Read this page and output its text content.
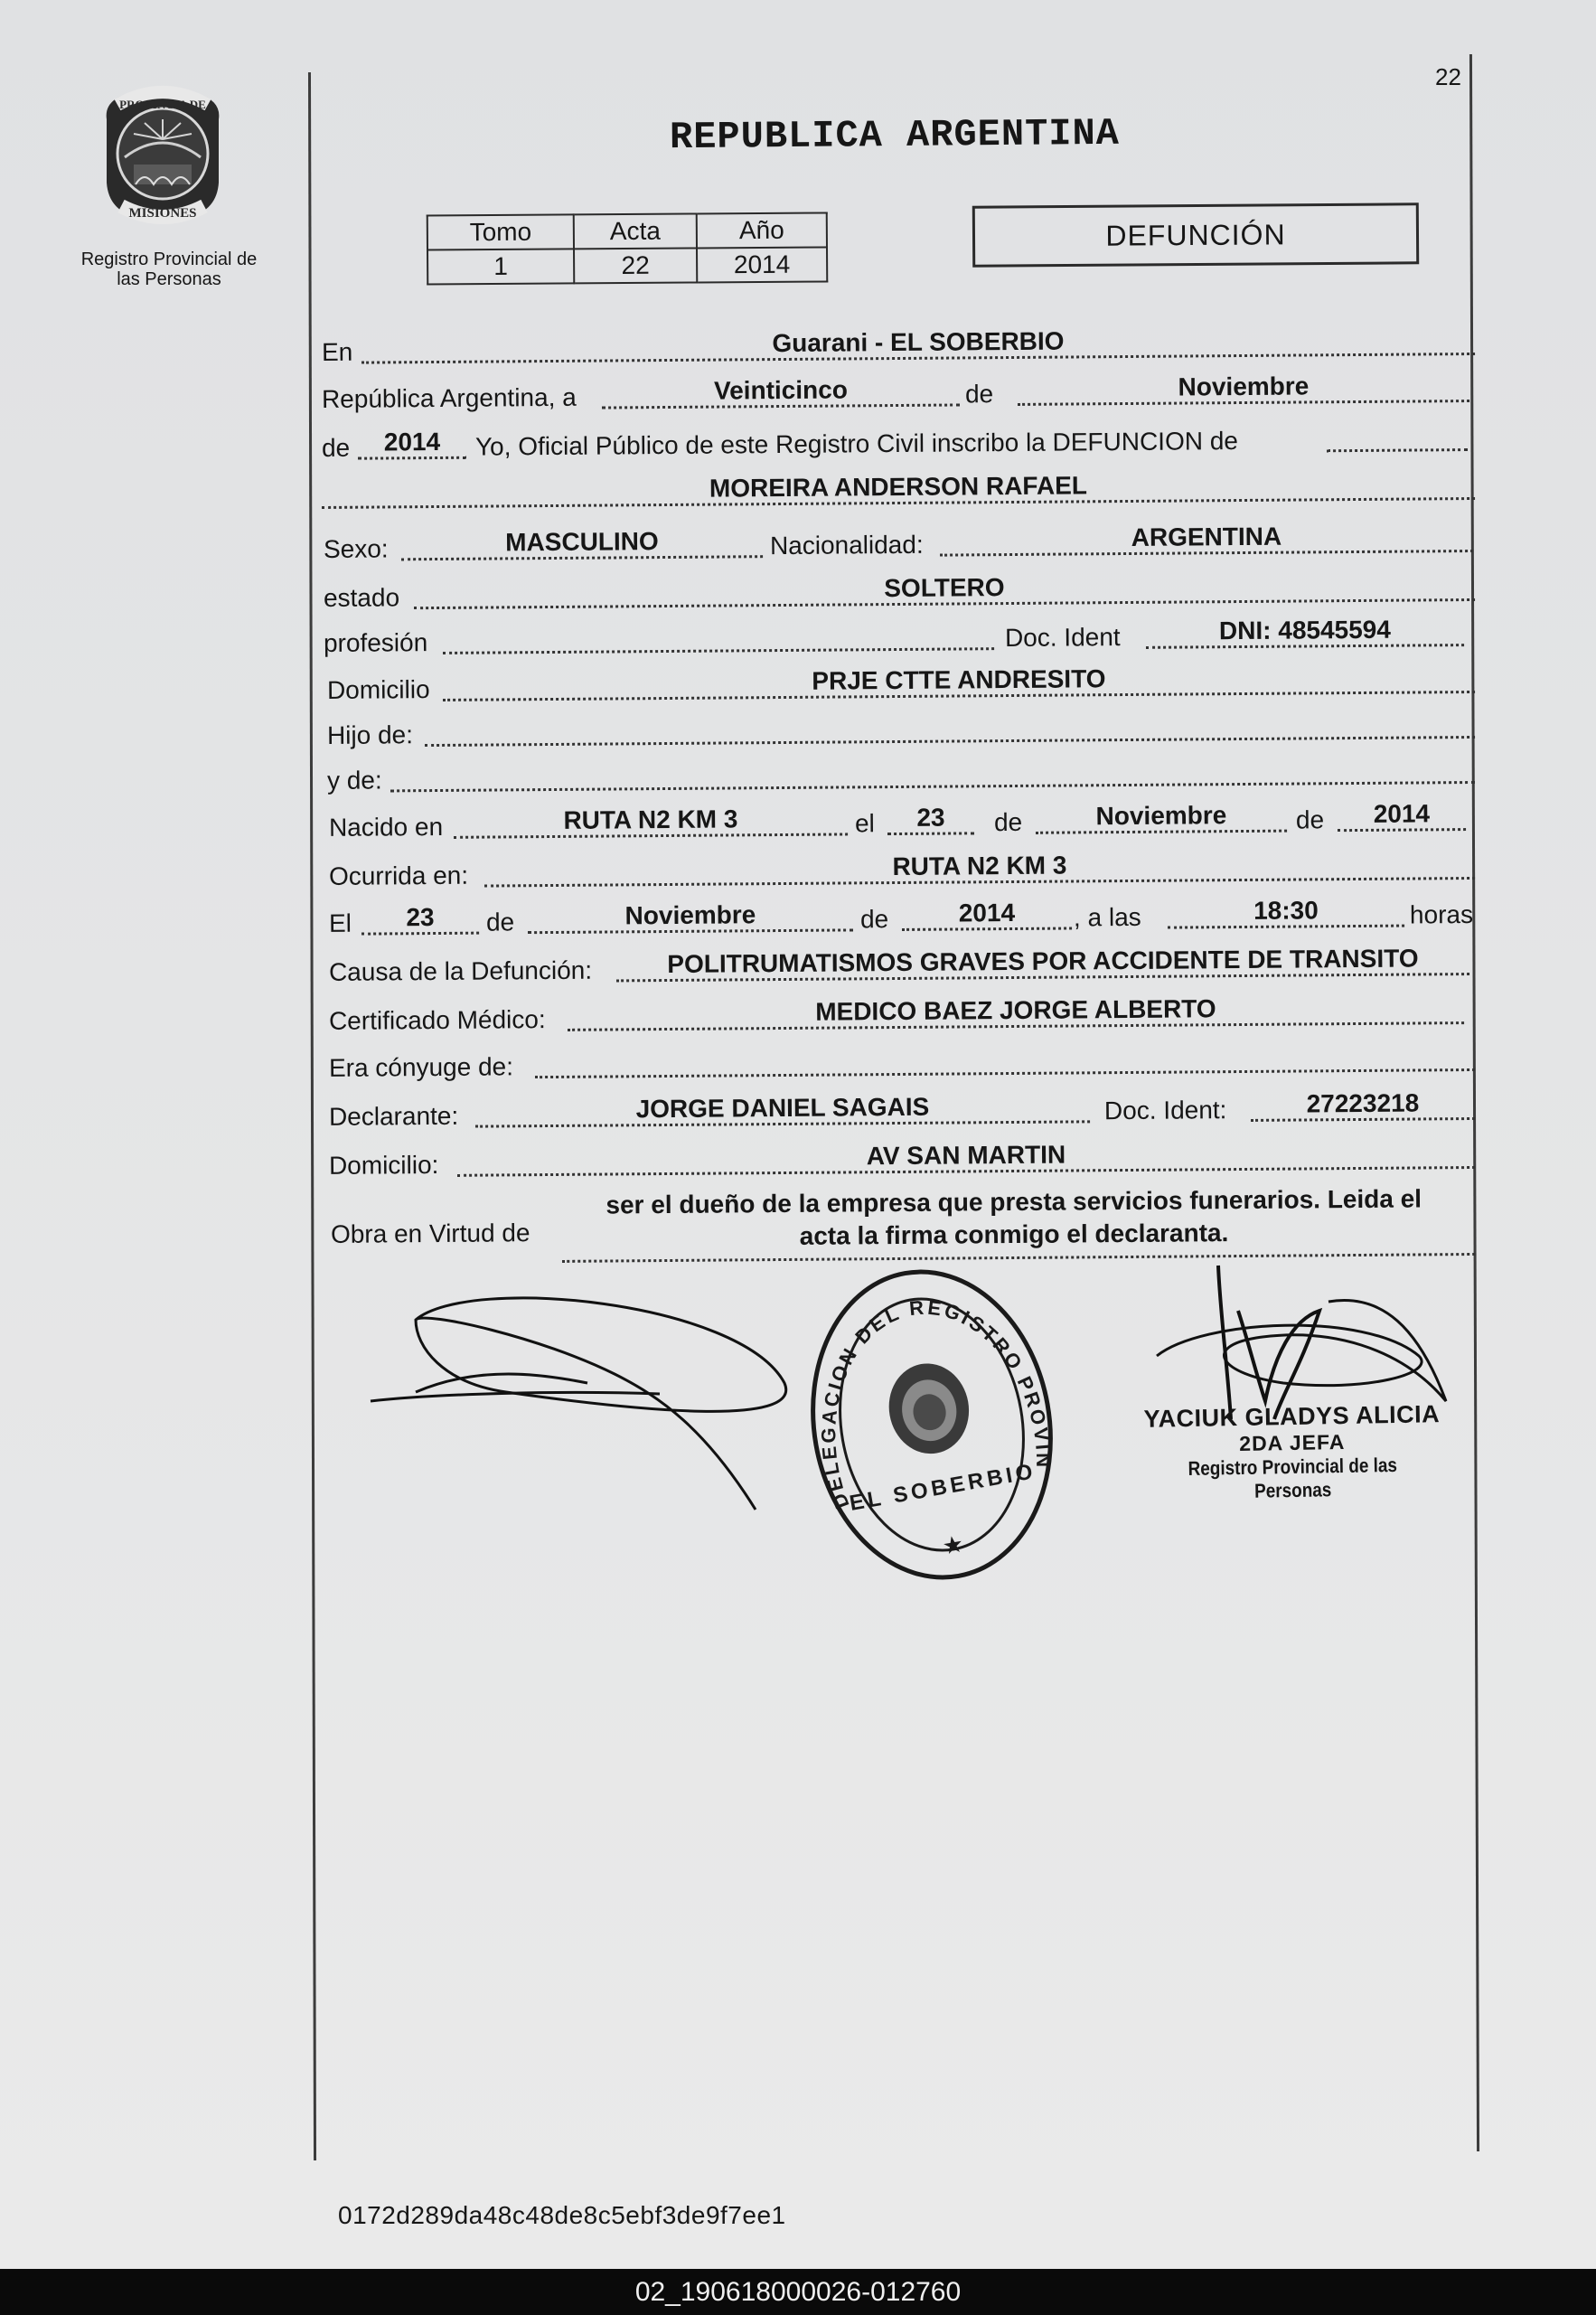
PROVINCIA DE
MISIONES
Registro Provincial de
las Personas
22
REPUBLICA ARGENTINA
Tomo	Acta	Año
1	22	2014
DEFUNCIÓN
En	Guarani - EL SOBERBIO
República Argentina, a	Veinticinco	de	Noviembre
de	2014	Yo, Oficial Público de este Registro Civil inscribo la DEFUNCION de
MOREIRA ANDERSON RAFAEL
Sexo:	MASCULINO	Nacionalidad:	ARGENTINA
estado	SOLTERO
profesión	Doc. Ident	DNI: 48545594
Domicilio	PRJE CTTE ANDRESITO
Hijo de:
y de:
Nacido en	RUTA N2 KM 3	el	23	de	Noviembre	de	2014
Ocurrida en:	RUTA N2 KM 3
El	23	de	Noviembre	de	2014	, a las	18:30	horas
Causa de la Defunción:	POLITRUMATISMOS GRAVES POR ACCIDENTE DE TRANSITO
Certificado Médico:	MEDICO BAEZ JORGE ALBERTO
Era cónyuge de:
Declarante:	JORGE DANIEL SAGAIS	Doc. Ident:	27223218
Domicilio:	AV SAN MARTIN
Obra en Virtud de
ser el dueño de la empresa que presta servicios funerarios. Leida el
acta la firma conmigo el declaranta.
DELEGACION DEL REGISTRO PROVINCIAL
EL SOBERBIO
★
YACIUK GLADYS ALICIA
2DA JEFA
Registro Provincial de las Personas
0172d289da48c48de8c5ebf3de9f7ee1
02_190618000026-012760
